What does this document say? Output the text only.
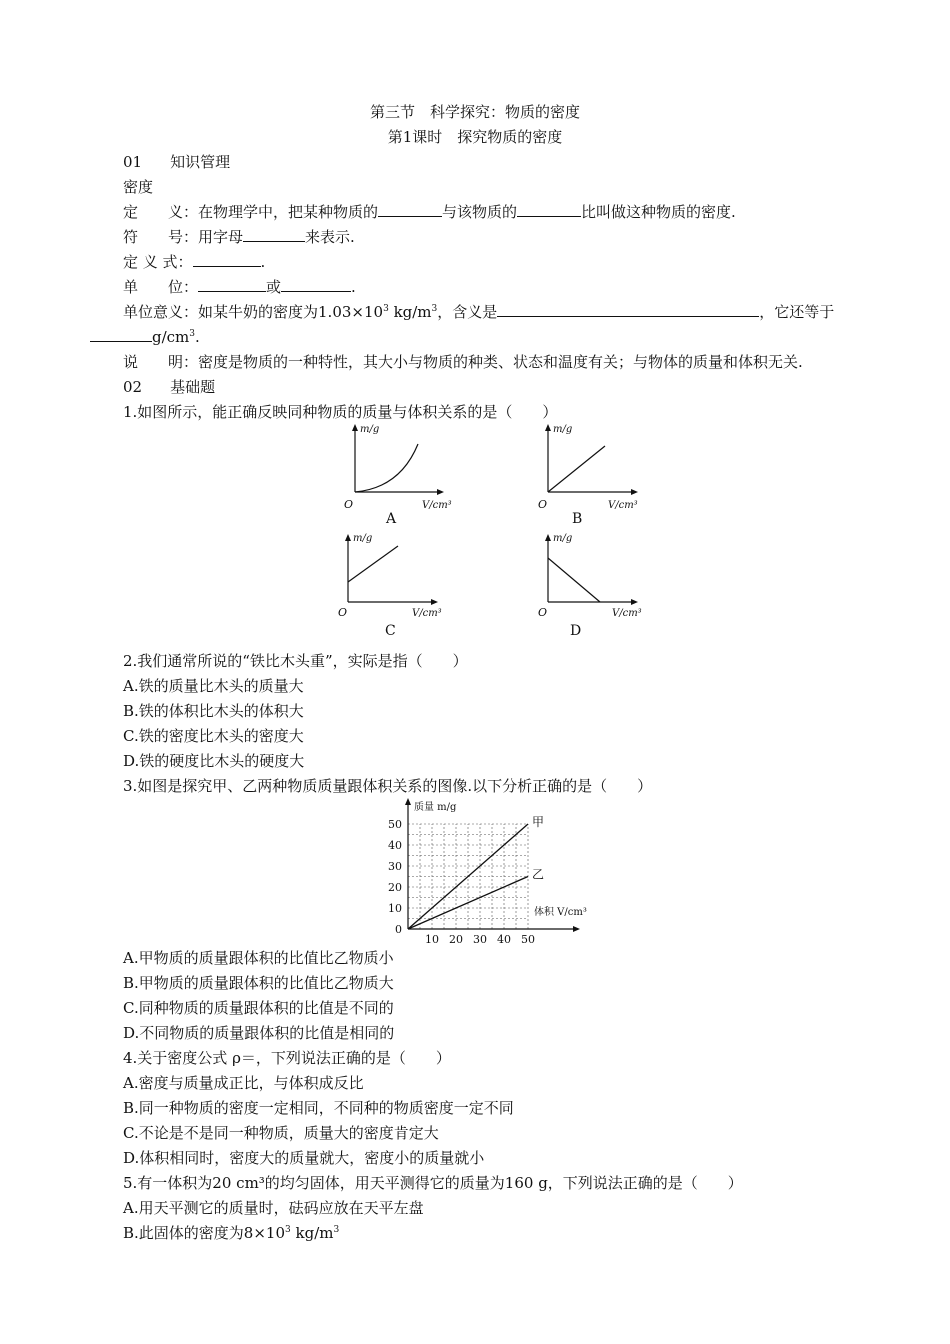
第三节　科学探究：物质的密度
第1课时　探究物质的密度
01 知识管理
密度
定　　义：在物理学中，把某种物质的	与该物质的	比叫做这种物质的密度.
符　　号：用字母	来表示.
定 义 式：	.
单　　位：	或	.
单位意义：如某牛奶的密度为$1.03\times 10^3$ $kg/m^3$，含义是	，它还等于
$g/cm^3$.
说　　明：密度是物质的一种特性，其大小与物质的种类、状态和温度有关；与物体的质量和体积无关.
02 基础题
1.如图所示，能正确反映同种物质的质量与体积关系的是（　　）
m/g
V/cm³
O
A
m/g
V/cm³
O
B
m/g
V/cm³
O
C
m/g
V/cm³
O
D
2.我们通常所说的“铁比木头重”，实际是指（　　）
A.铁的质量比木头的质量大
B.铁的体积比木头的体积大
C.铁的密度比木头的密度大
D.铁的硬度比木头的硬度大
3.如图是探究甲、乙两种物质质量跟体积关系的图像.以下分析正确的是（　　）
10 20 30 40 50
10
20
30
40
50
0
质量 m/g
体积 V/cm³
甲
乙
A.甲物质的质量跟体积的比值比乙物质小
B.甲物质的质量跟体积的比值比乙物质大
C.同种物质的质量跟体积的比值是不同的
D.不同物质的质量跟体积的比值是相同的
4.关于密度公式 ρ＝，下列说法正确的是（　　）
A.密度与质量成正比，与体积成反比
B.同一种物质的密度一定相同，不同种的物质密度一定不同
C.不论是不是同一种物质，质量大的密度肯定大
D.体积相同时，密度大的质量就大，密度小的质量就小
5.有一体积为20 cm³的均匀固体，用天平测得它的质量为160 g，下列说法正确的是（　　）
A.用天平测它的质量时，砝码应放在天平左盘
B.此固体的密度为$8\times 10^3$ $kg/m^3$
